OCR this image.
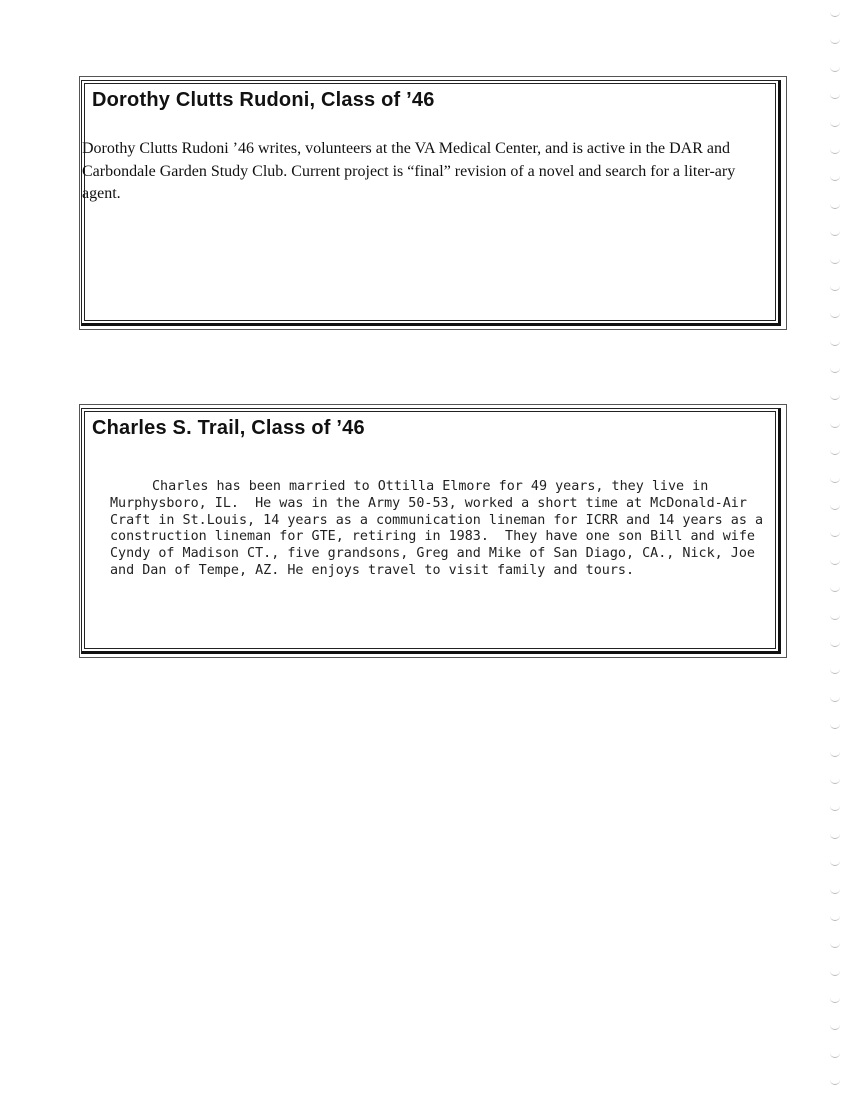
Dorothy Clutts Rudoni, Class of ’46

Dorothy Clutts Rudoni ’46 writes, volunteers at the VA Medical Center, and is active in the DAR and Carbondale Garden Study Club. Current project is “final” revision of a novel and search for a liter-ary agent.

Charles S. Trail, Class of ’46

Charles has been married to Ottilla Elmore for 49 years, they live in Murphysboro, IL.  He was in the Army 50-53, worked a short time at McDonald-Air Craft in St.Louis, 14 years as a communication lineman for ICRR and 14 years as a construction lineman for GTE, retiring in 1983.  They have one son Bill and wife Cyndy of Madison CT., five grandsons, Greg and Mike of San Diago, CA., Nick, Joe and Dan of Tempe, AZ. He enjoys travel to visit family and tours.
